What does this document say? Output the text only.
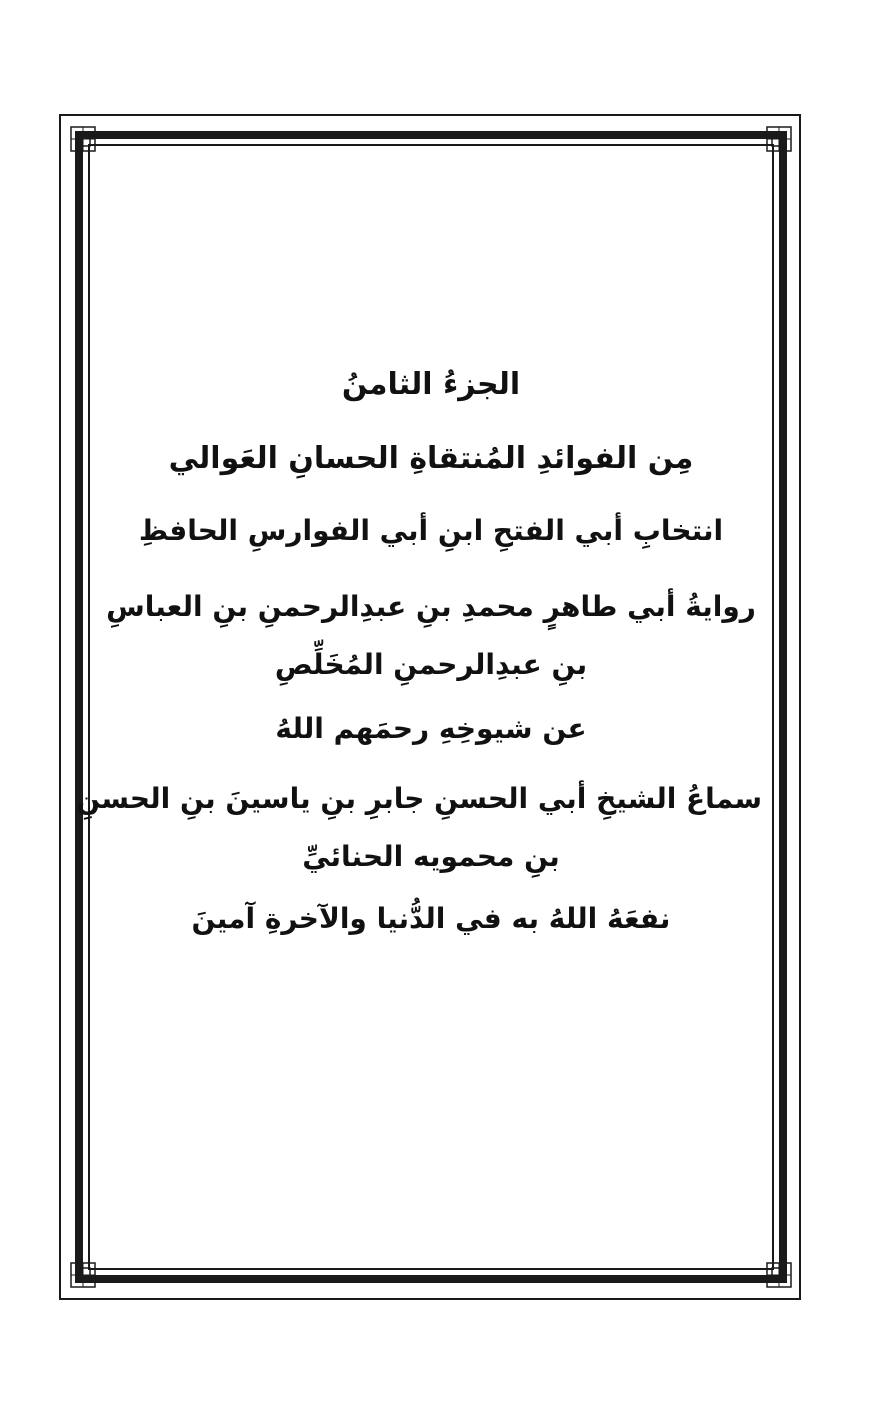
الجزءُ الثامنُ
مِن الفوائدِ المُنتقاةِ الحسانِ العَوالي
انتخابِ أبي الفتحِ ابنِ أبي الفوارسِ الحافظِ
روايةُ أبي طاهرٍ محمدِ بنِ عبدِالرحمنِ بنِ العباسِ
بنِ عبدِالرحمنِ المُخَلِّصِ
عن شيوخِهِ رحمَهم اللهُ
سماعُ الشيخِ أبي الحسنِ جابرِ بنِ ياسينَ بنِ الحسنِ
بنِ محمويه الحنائيِّ
نفعَهُ اللهُ به في الدُّنيا والآخرةِ آمينَ
